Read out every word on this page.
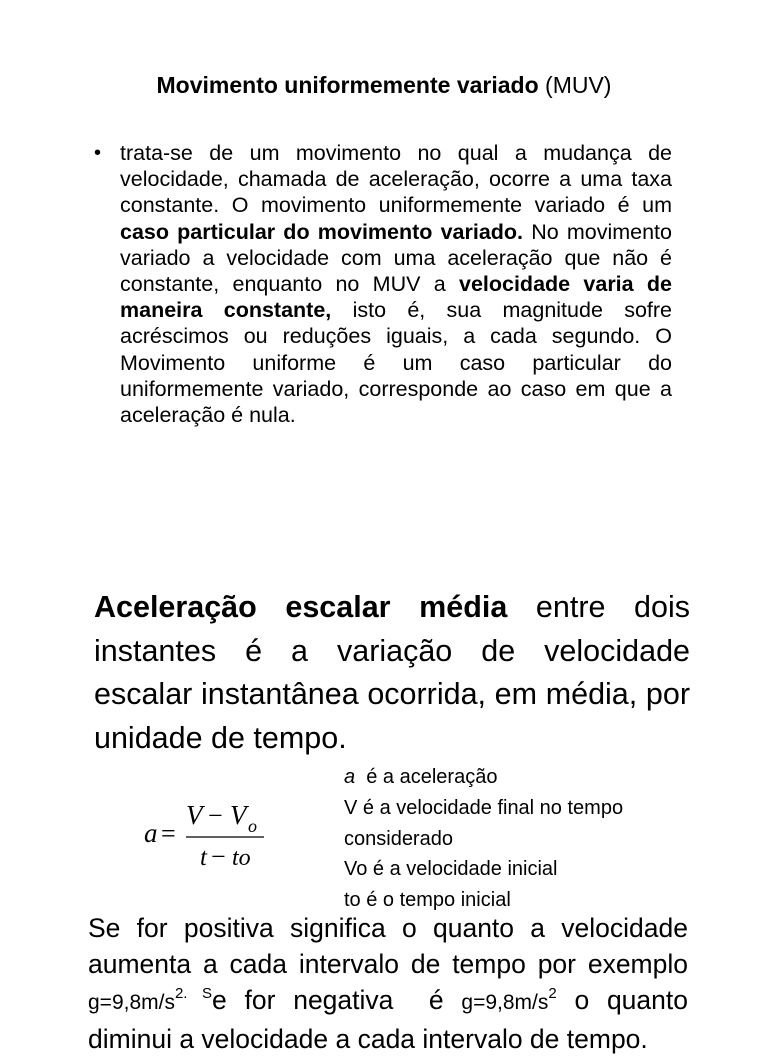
Movimento uniformemente variado (MUV)
• trata-se de um movimento no qual a mudança de velocidade, chamada de aceleração, ocorre a uma taxa constante. O movimento uniformemente variado é um caso particular do movimento variado. No movimento variado a velocidade com uma aceleração que não é constante, enquanto no MUV a velocidade varia de maneira constante, isto é, sua magnitude sofre acréscimos ou reduções iguais, a cada segundo. O Movimento uniforme é um caso particular do uniformemente variado, corresponde ao caso em que a aceleração é nula.
Aceleração escalar média entre dois instantes é a variação de velocidade escalar instantânea ocorrida, em média, por unidade de tempo.
a =
V − V o
t − to
a  é a aceleração
V é a velocidade final no tempo
considerado
Vo é a velocidade inicial
to é o tempo inicial
Se for positiva significa o quanto a velocidade aumenta a cada intervalo de tempo por exemplo $g=9,8m/s^{2. S}e$ for negativa  é $g=9,8m/s^2$ o quanto diminui a velocidade a cada intervalo de tempo.
